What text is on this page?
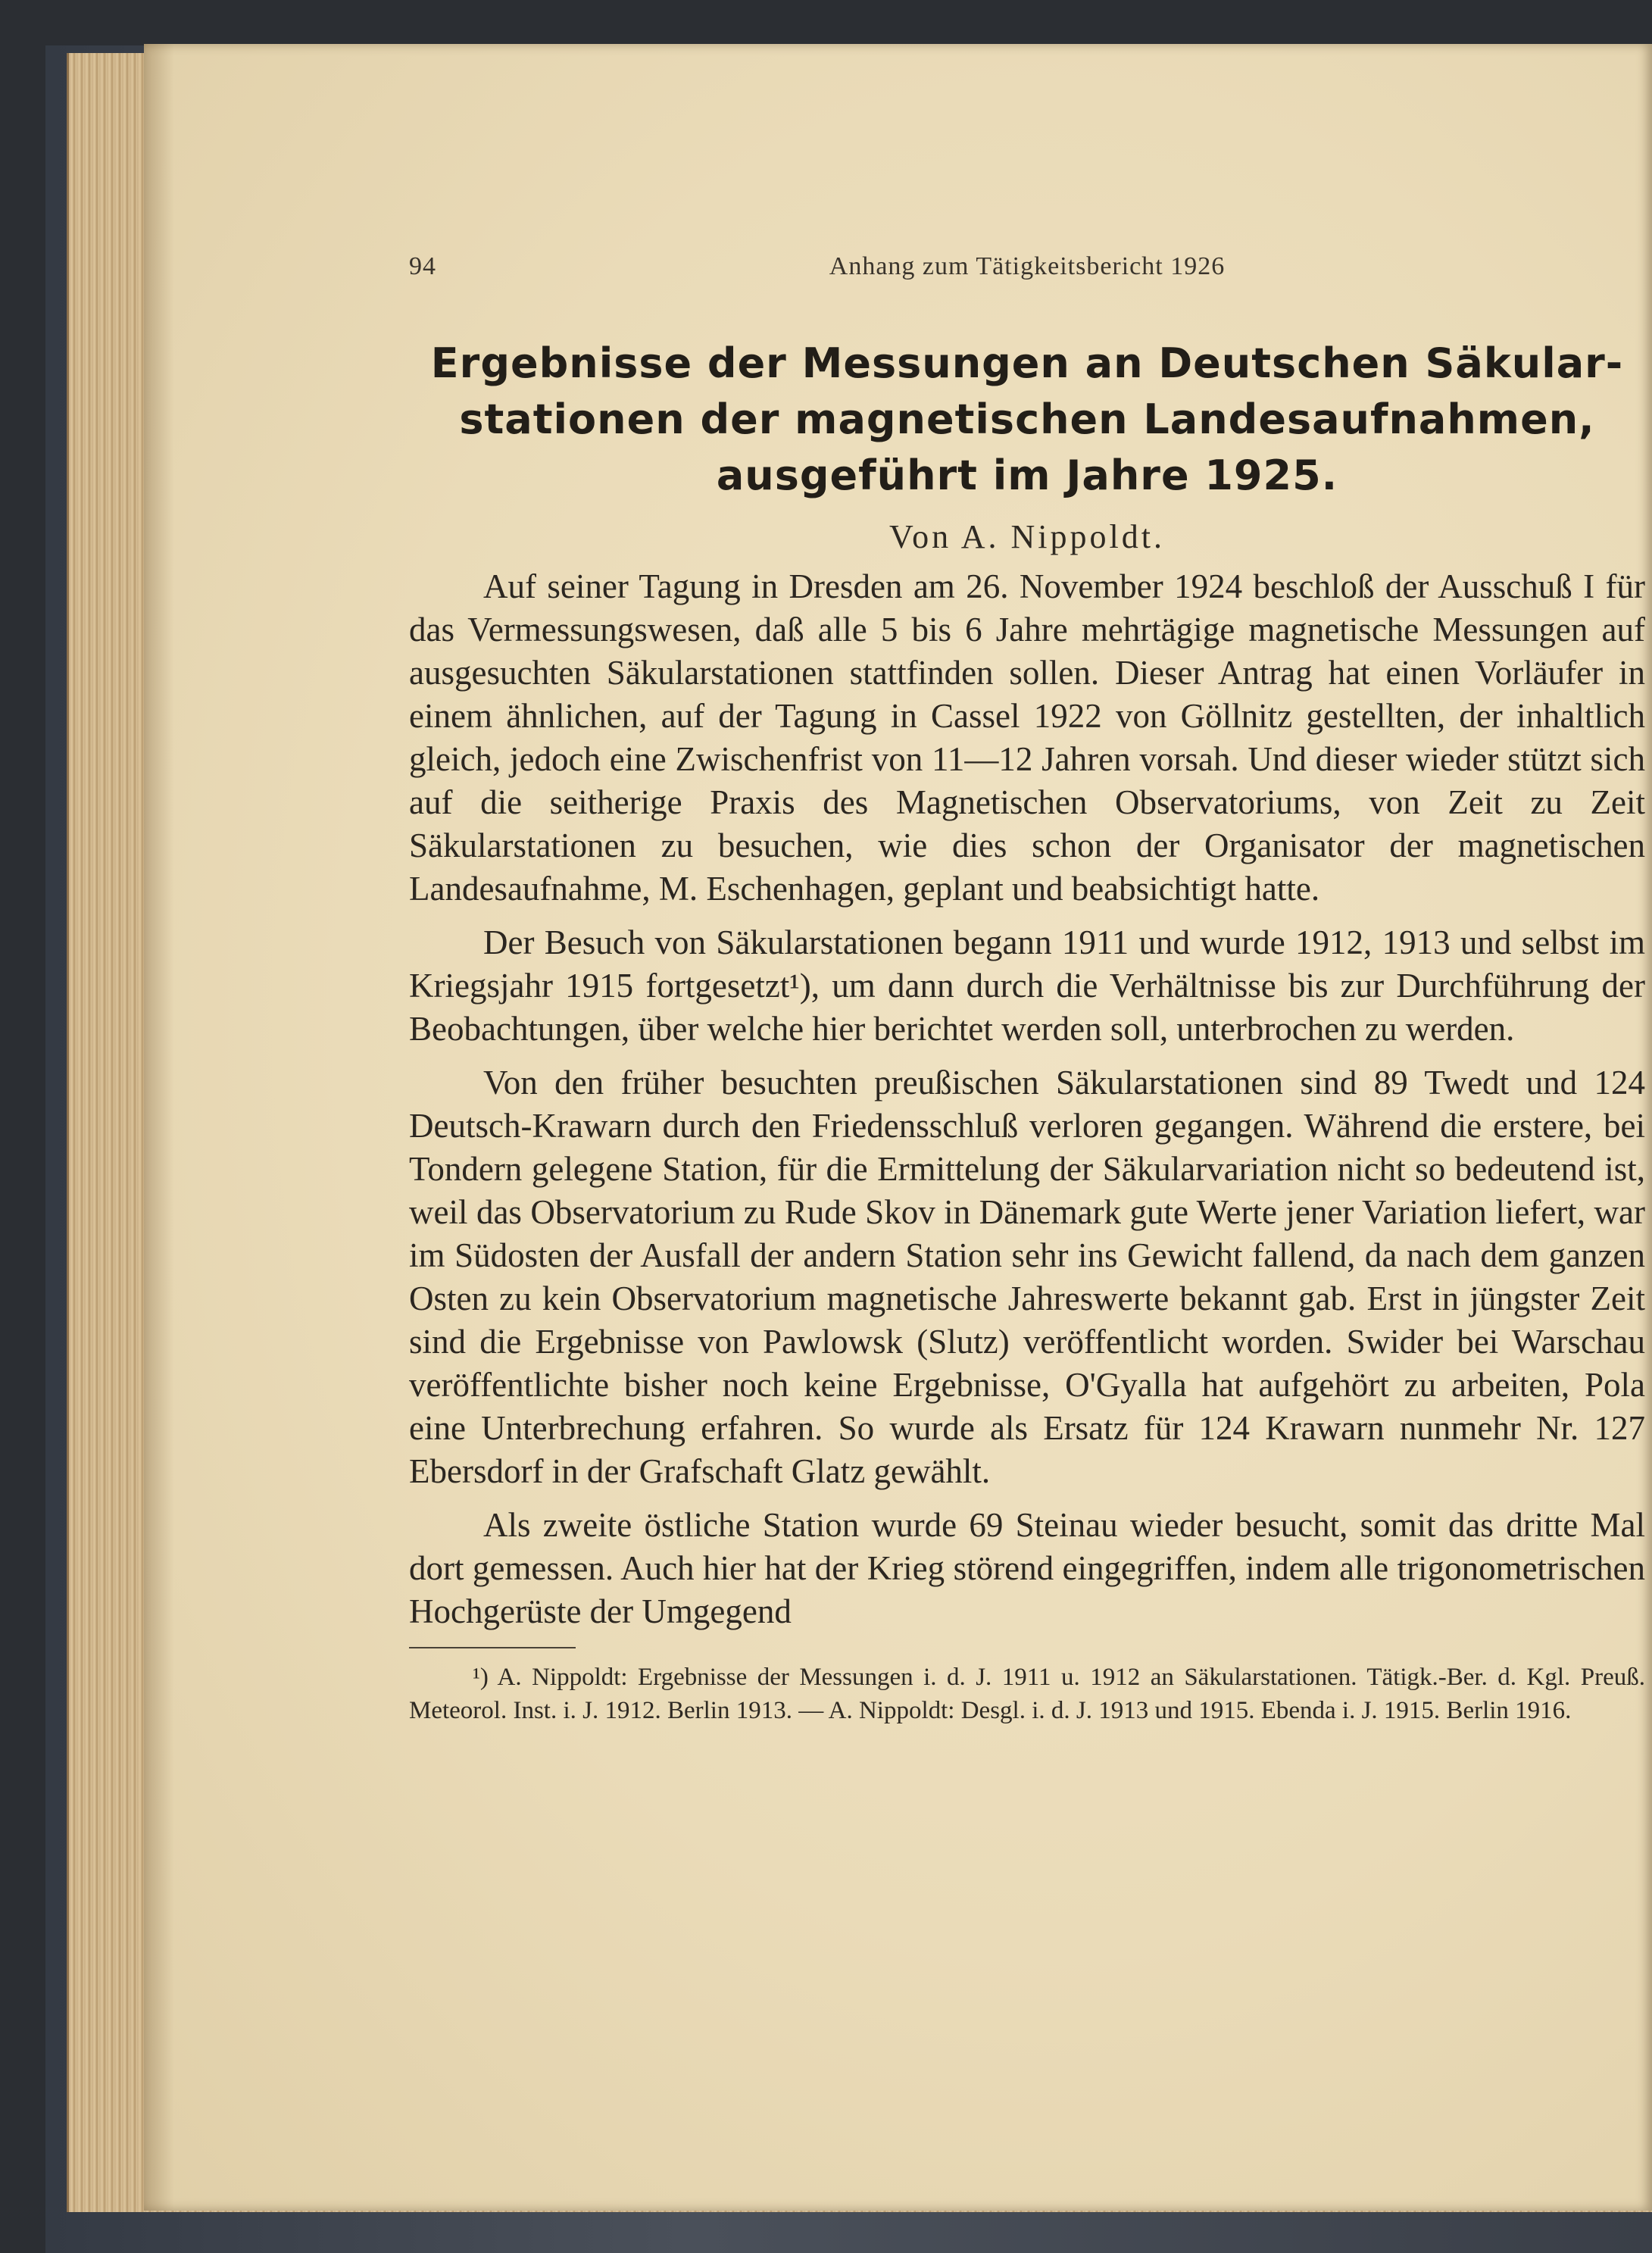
94	Anhang zum Tätigkeitsbericht 1926
Ergebnisse der Messungen an Deutschen Säkular-
stationen der magnetischen Landesaufnahmen,
ausgeführt im Jahre 1925.
Von A. Nippoldt.

Auf seiner Tagung in Dresden am 26. November 1924 beschloß der Ausschuß I für das Vermessungswesen, daß alle 5 bis 6 Jahre mehrtägige magnetische Messungen auf ausgesuchten Säkularstationen stattfinden sollen. Dieser Antrag hat einen Vorläufer in einem ähnlichen, auf der Tagung in Cassel 1922 von Göllnitz gestellten, der inhaltlich gleich, jedoch eine Zwischenfrist von 11—12 Jahren vorsah. Und dieser wieder stützt sich auf die seitherige Praxis des Magnetischen Observatoriums, von Zeit zu Zeit Säkularstationen zu besuchen, wie dies schon der Organisator der magnetischen Landesaufnahme, M. Eschenhagen, geplant und beabsichtigt hatte.

Der Besuch von Säkularstationen begann 1911 und wurde 1912, 1913 und selbst im Kriegsjahr 1915 fortgesetzt¹), um dann durch die Verhältnisse bis zur Durchführung der Beobachtungen, über welche hier berichtet werden soll, unterbrochen zu werden.

Von den früher besuchten preußischen Säkularstationen sind 89 Twedt und 124 Deutsch-Krawarn durch den Friedensschluß verloren gegangen. Während die erstere, bei Tondern gelegene Station, für die Ermittelung der Säkularvariation nicht so bedeutend ist, weil das Observatorium zu Rude Skov in Dänemark gute Werte jener Variation liefert, war im Südosten der Ausfall der andern Station sehr ins Gewicht fallend, da nach dem ganzen Osten zu kein Observatorium magnetische Jahreswerte bekannt gab. Erst in jüngster Zeit sind die Ergebnisse von Pawlowsk (Slutz) veröffentlicht worden. Swider bei Warschau veröffentlichte bisher noch keine Ergebnisse, O'Gyalla hat aufgehört zu arbeiten, Pola eine Unterbrechung erfahren. So wurde als Ersatz für 124 Krawarn nunmehr Nr. 127 Ebersdorf in der Grafschaft Glatz gewählt.

Als zweite östliche Station wurde 69 Steinau wieder besucht, somit das dritte Mal dort gemessen. Auch hier hat der Krieg störend eingegriffen, indem alle trigonometrischen Hochgerüste der Umgegend

¹) A. Nippoldt: Ergebnisse der Messungen i. d. J. 1911 u. 1912 an Säkularstationen. Tätigk.-Ber. d. Kgl. Preuß. Meteorol. Inst. i. J. 1912. Berlin 1913. — A. Nippoldt: Desgl. i. d. J. 1913 und 1915. Ebenda i. J. 1915. Berlin 1916.
